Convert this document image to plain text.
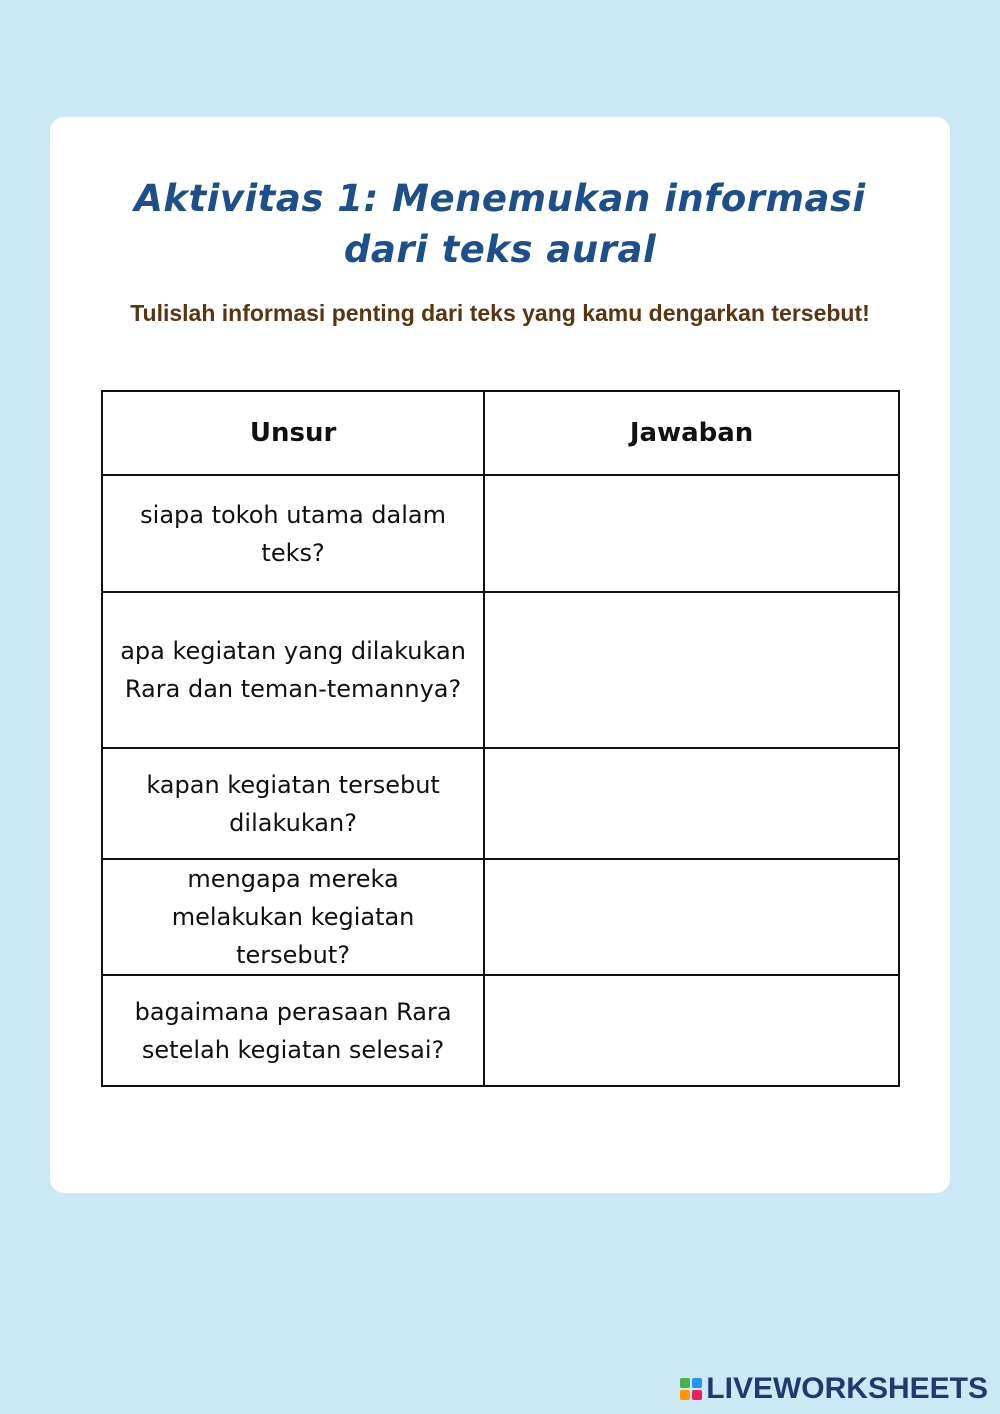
Aktivitas 1: Menemukan informasi dari teks aural

Tulislah informasi penting dari teks yang kamu dengarkan tersebut!

Unsur	Jawaban
siapa tokoh utama dalam teks?	
apa kegiatan yang dilakukan Rara dan teman-temannya?	
kapan kegiatan tersebut dilakukan?	
mengapa mereka melakukan kegiatan tersebut?	
bagaimana perasaan Rara setelah kegiatan selesai?	
LIVEWORKSHEETS
